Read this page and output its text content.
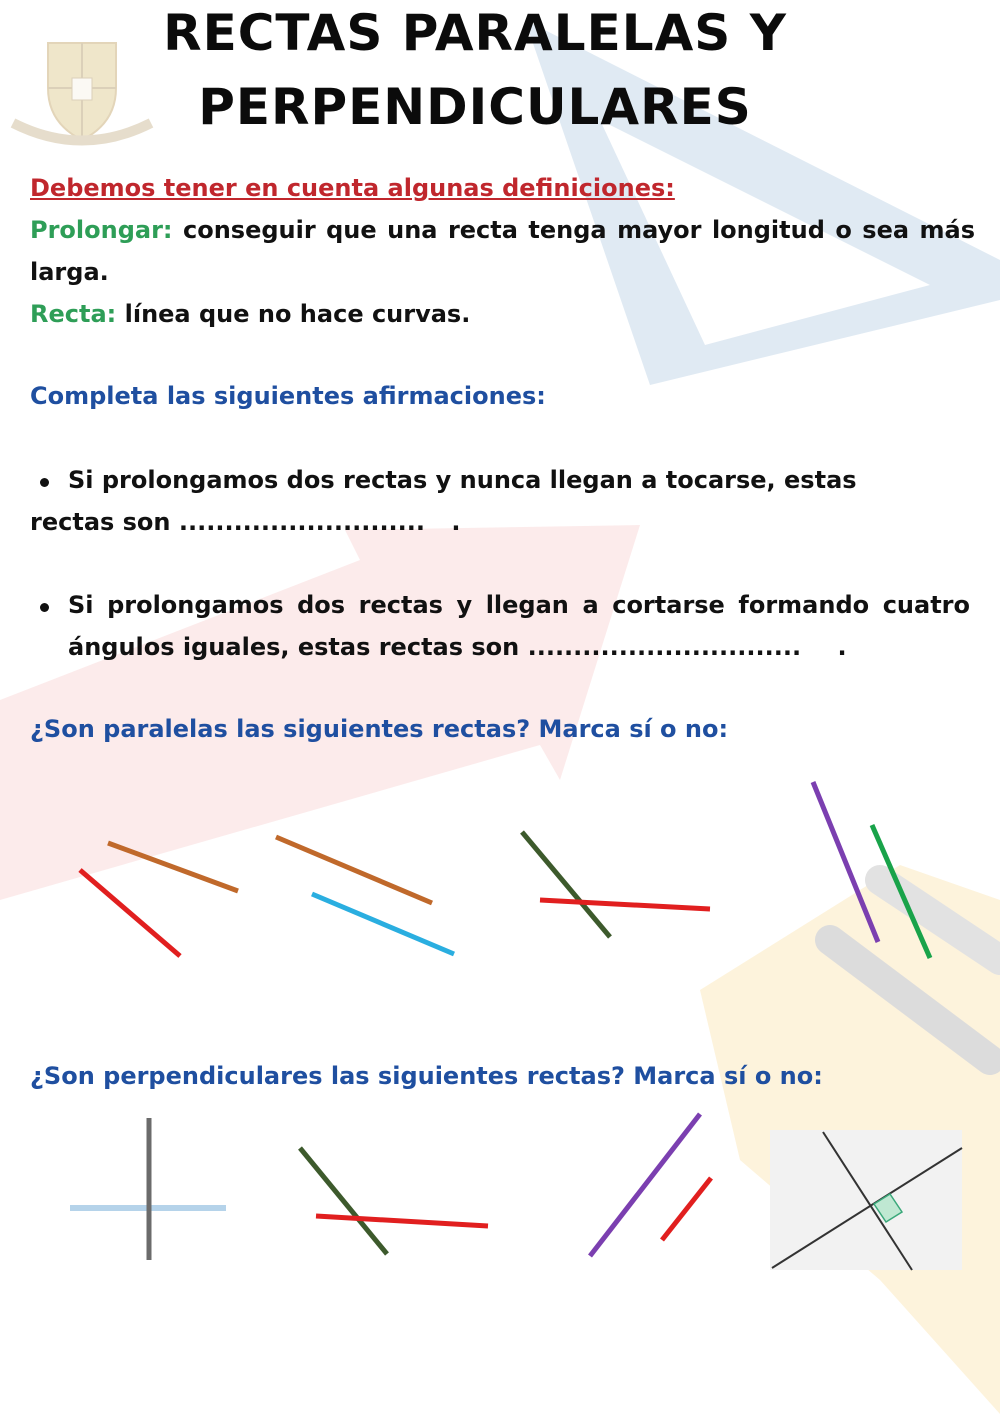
RECTAS PARALELAS Y
PERPENDICULARES
Debemos tener en cuenta algunas definiciones:
Prolongar: conseguir que una recta tenga mayor longitud o sea más
larga.
Recta: línea que no hace curvas.
Completa las siguientes afirmaciones:
Si prolongamos dos rectas y nunca llegan a tocarse, estas
rectas son ........................... .
Si prolongamos dos rectas y llegan a cortarse formando cuatro
ángulos iguales, estas rectas son .............................. .
¿Son paralelas las siguientes rectas? Marca sí o no:
¿Son perpendiculares las siguientes rectas? Marca sí o no:
